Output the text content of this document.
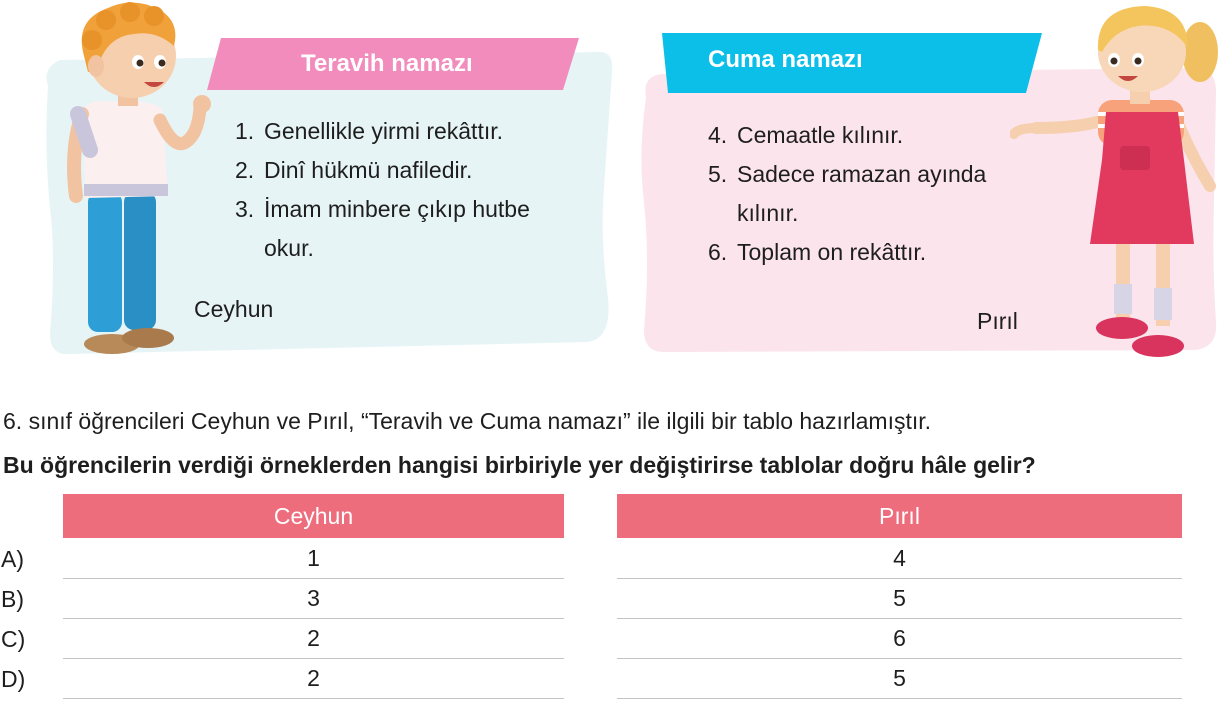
Teravih namazı
1. Genellikle yirmi rekâttır.
2. Dinî hükmü nafiledir.
3. İmam minbere çıkıp hutbe okur.
Ceyhun
Cuma namazı
4. Cemaatle kılınır.
5. Sadece ramazan ayında kılınır.
6. Toplam on rekâttır.
Pırıl
6. sınıf öğrencileri Ceyhun ve Pırıl, “Teravih ve Cuma namazı” ile ilgili bir tablo hazırlamıştır.
Bu öğrencilerin verdiği örneklerden hangisi birbiriyle yer değiştirirse tablolar doğru hâle gelir?
Ceyhun	Pırıl
A)	1	4
B)	3	5
C)	2	6
D)	2	5
